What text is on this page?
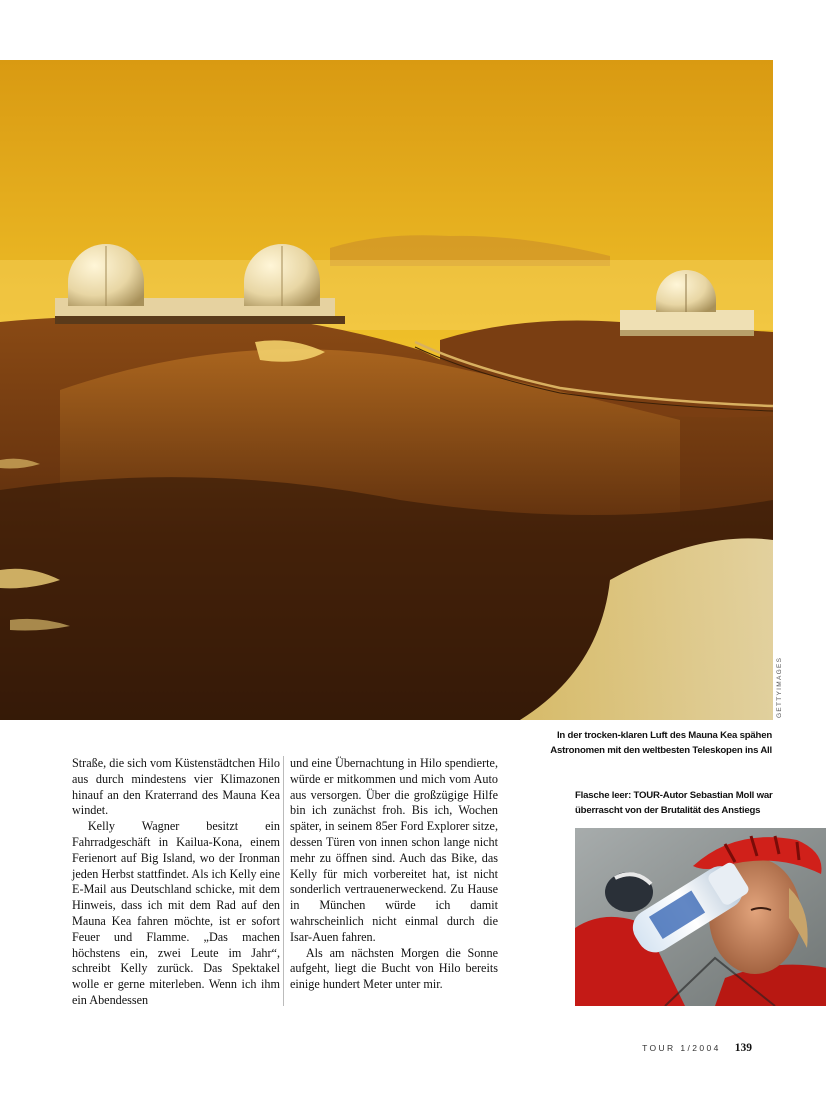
GETTYIMAGES
In der trocken-klaren Luft des Mauna Kea spähen
Astronomen mit den weltbesten Teleskopen ins All

Straße, die sich vom Küstenstädtchen Hilo aus durch mindestens vier Klimazonen hinauf an den Kraterrand des Mauna Kea windet.

Kelly Wagner besitzt ein Fahrradgeschäft in Kailua-Kona, einem Ferienort auf Big Island, wo der Ironman jeden Herbst stattfindet. Als ich Kelly eine E-Mail aus Deutschland schicke, mit dem Hinweis, dass ich mit dem Rad auf den Mauna Kea fahren möchte, ist er sofort Feuer und Flamme. „Das machen höchstens ein, zwei Leute im Jahr“, schreibt Kelly zurück. Das Spektakel wolle er gerne miterleben. Wenn ich ihm ein Abendessen

und eine Übernachtung in Hilo spendierte, würde er mitkommen und mich vom Auto aus versorgen. Über die großzügige Hilfe bin ich zunächst froh. Bis ich, Wochen später, in seinem 85er Ford Explorer sitze, dessen Türen von innen schon lange nicht mehr zu öffnen sind. Auch das Bike, das Kelly für mich vorbereitet hat, ist nicht sonderlich vertrauenerweckend. Zu Hause in München würde ich damit wahrscheinlich nicht einmal durch die Isar-Auen fahren.

Als am nächsten Morgen die Sonne aufgeht, liegt die Bucht von Hilo bereits einige hundert Meter unter mir.

Flasche leer: TOUR-Autor Sebastian Moll war
überrascht von der Brutalität des Anstiegs
TOUR 1/2004 139
